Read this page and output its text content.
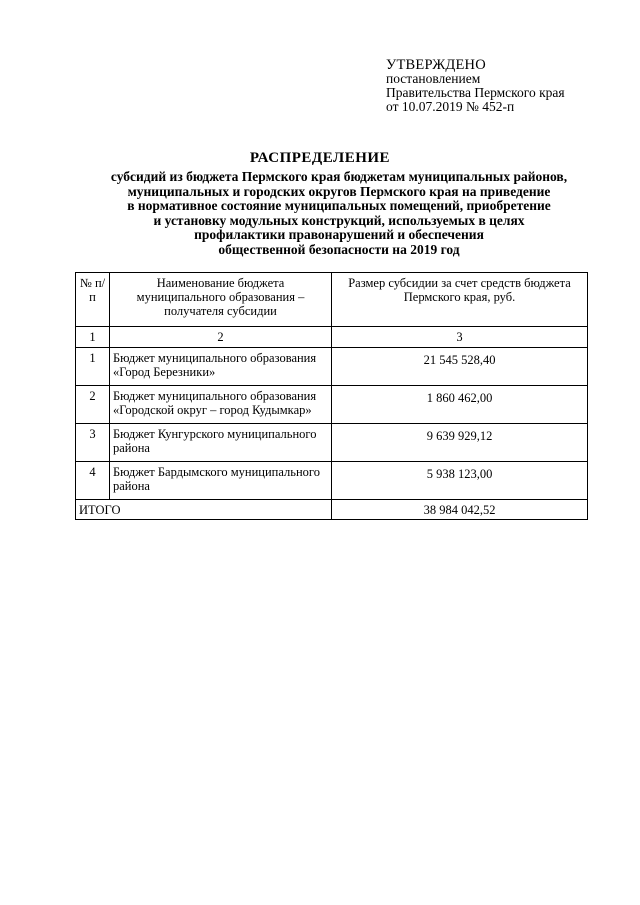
УТВЕРЖДЕНО
постановлением
Правительства Пермского края
от 10.07.2019 № 452-п
РАСПРЕДЕЛЕНИЕ
субсидий из бюджета Пермского края бюджетам муниципальных районов,
муниципальных и городских округов Пермского края на приведение
в нормативное состояние муниципальных помещений, приобретение
и установку модульных конструкций, используемых в целях
профилактики правонарушений и обеспечения
общественной безопасности на 2019 год
№ п/п	Наименование бюджета муниципального образования – получателя субсидии	Размер субсидии за счет средств бюджета Пермского края, руб.
1	2	3
1	Бюджет муниципального образования «Город Березники»	21 545 528,40
2	Бюджет муниципального образования «Городской округ – город Кудымкар»	1 860 462,00
3	Бюджет Кунгурского муниципального района	9 639 929,12
4	Бюджет Бардымского муниципального района	5 938 123,00
ИТОГО		38 984 042,52
